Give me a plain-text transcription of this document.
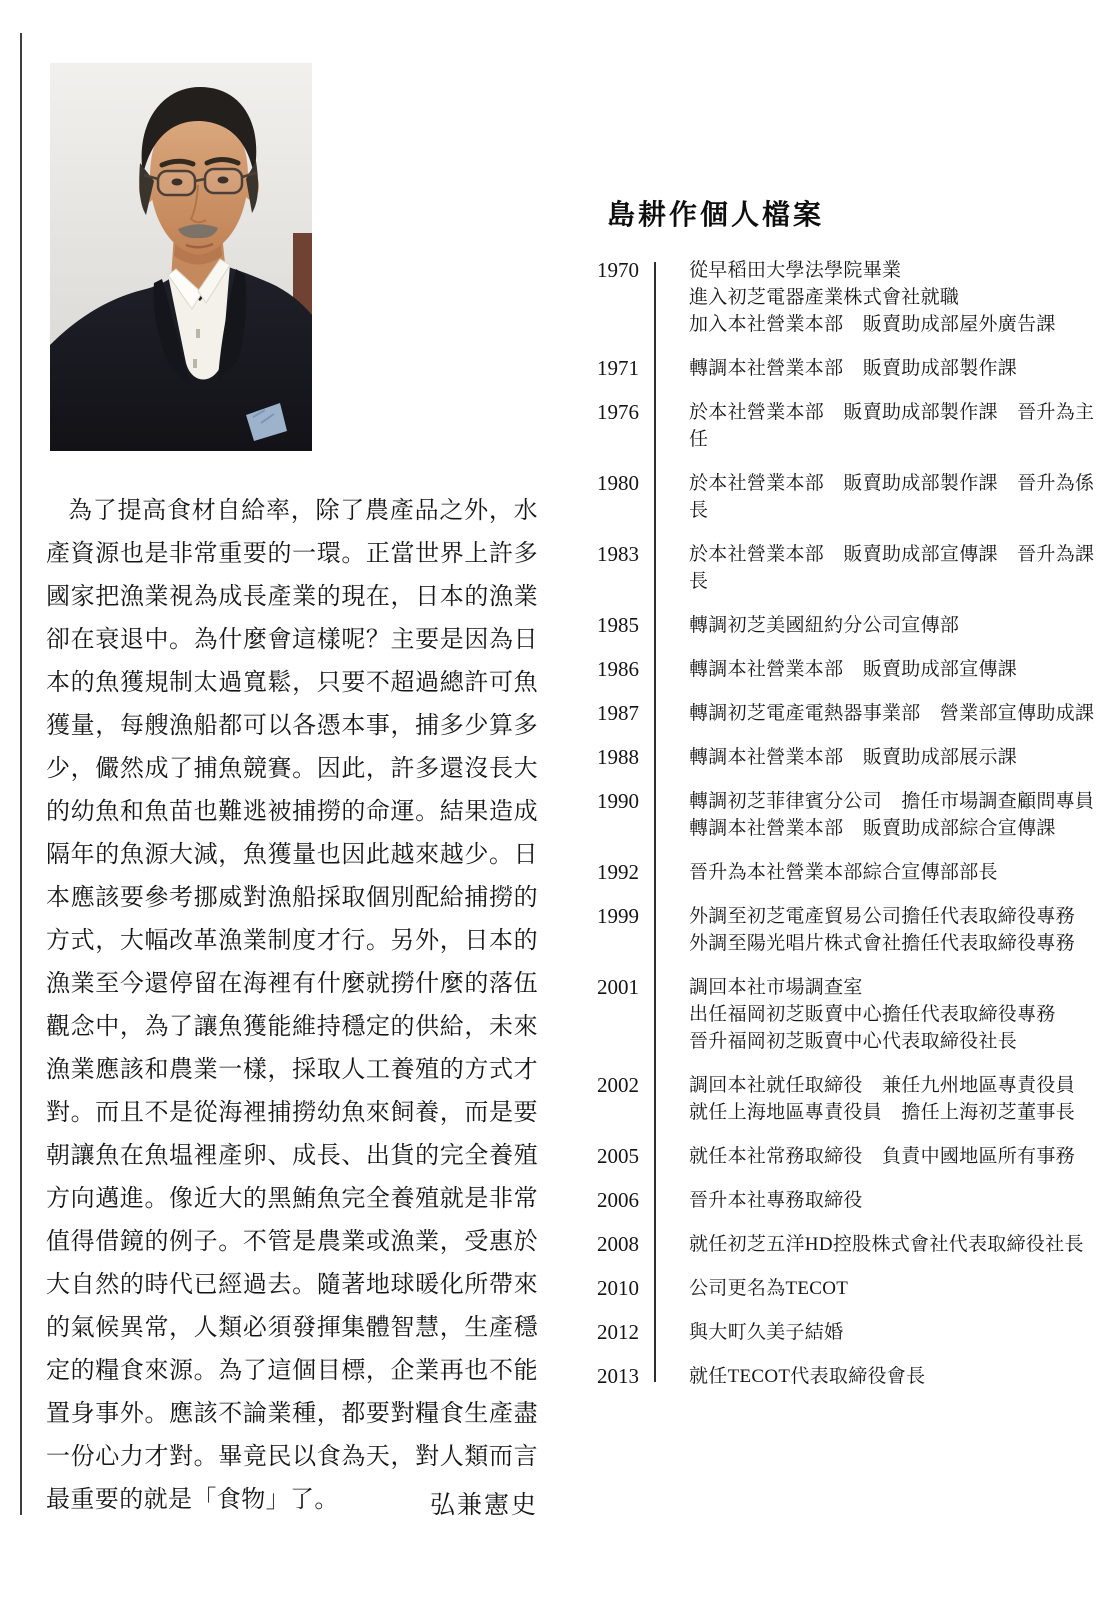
為了提高食材自給率，除了農產品之外，水產資源也是非常重要的一環。正當世界上許多國家把漁業視為成長產業的現在，日本的漁業卻在衰退中。為什麼會這樣呢？主要是因為日本的魚獲規制太過寬鬆，只要不超過總許可魚獲量，每艘漁船都可以各憑本事，捕多少算多少，儼然成了捕魚競賽。因此，許多還沒長大的幼魚和魚苗也難逃被捕撈的命運。結果造成隔年的魚源大減，魚獲量也因此越來越少。日本應該要參考挪威對漁船採取個別配給捕撈的方式，大幅改革漁業制度才行。另外，日本的漁業至今還停留在海裡有什麼就撈什麼的落伍觀念中，為了讓魚獲能維持穩定的供給，未來漁業應該和農業一樣，採取人工養殖的方式才對。而且不是從海裡捕撈幼魚來飼養，而是要朝讓魚在魚塭裡產卵、成長、出貨的完全養殖方向邁進。像近大的黑鮪魚完全養殖就是非常值得借鏡的例子。不管是農業或漁業，受惠於大自然的時代已經過去。隨著地球暖化所帶來的氣候異常，人類必須發揮集體智慧，生產穩定的糧食來源。為了這個目標，企業再也不能置身事外。應該不論業種，都要對糧食生產盡一份心力才對。畢竟民以食為天，對人類而言最重要的就是「食物」了。	弘兼憲史
島耕作個人檔案
1970	從早稻田大學法學院畢業
進入初芝電器產業株式會社就職
加入本社營業本部　販賣助成部屋外廣告課
1971	轉調本社營業本部　販賣助成部製作課
1976	於本社營業本部　販賣助成部製作課　晉升為主任
1980	於本社營業本部　販賣助成部製作課　晉升為係長
1983	於本社營業本部　販賣助成部宣傳課　晉升為課長
1985	轉調初芝美國紐約分公司宣傳部
1986	轉調本社營業本部　販賣助成部宣傳課
1987	轉調初芝電產電熱器事業部　營業部宣傳助成課
1988	轉調本社營業本部　販賣助成部展示課
1990	轉調初芝菲律賓分公司　擔任市場調查顧問專員
轉調本社營業本部　販賣助成部綜合宣傳課
1992	晉升為本社營業本部綜合宣傳部部長
1999	外調至初芝電產貿易公司擔任代表取締役專務
外調至陽光唱片株式會社擔任代表取締役專務
2001	調回本社市場調查室
出任福岡初芝販賣中心擔任代表取締役專務
晉升福岡初芝販賣中心代表取締役社長
2002	調回本社就任取締役　兼任九州地區專責役員
就任上海地區專責役員　擔任上海初芝董事長
2005	就任本社常務取締役　負責中國地區所有事務
2006	晉升本社專務取締役
2008	就任初芝五洋HD控股株式會社代表取締役社長
2010	公司更名為TECOT
2012	與大町久美子結婚
2013	就任TECOT代表取締役會長
